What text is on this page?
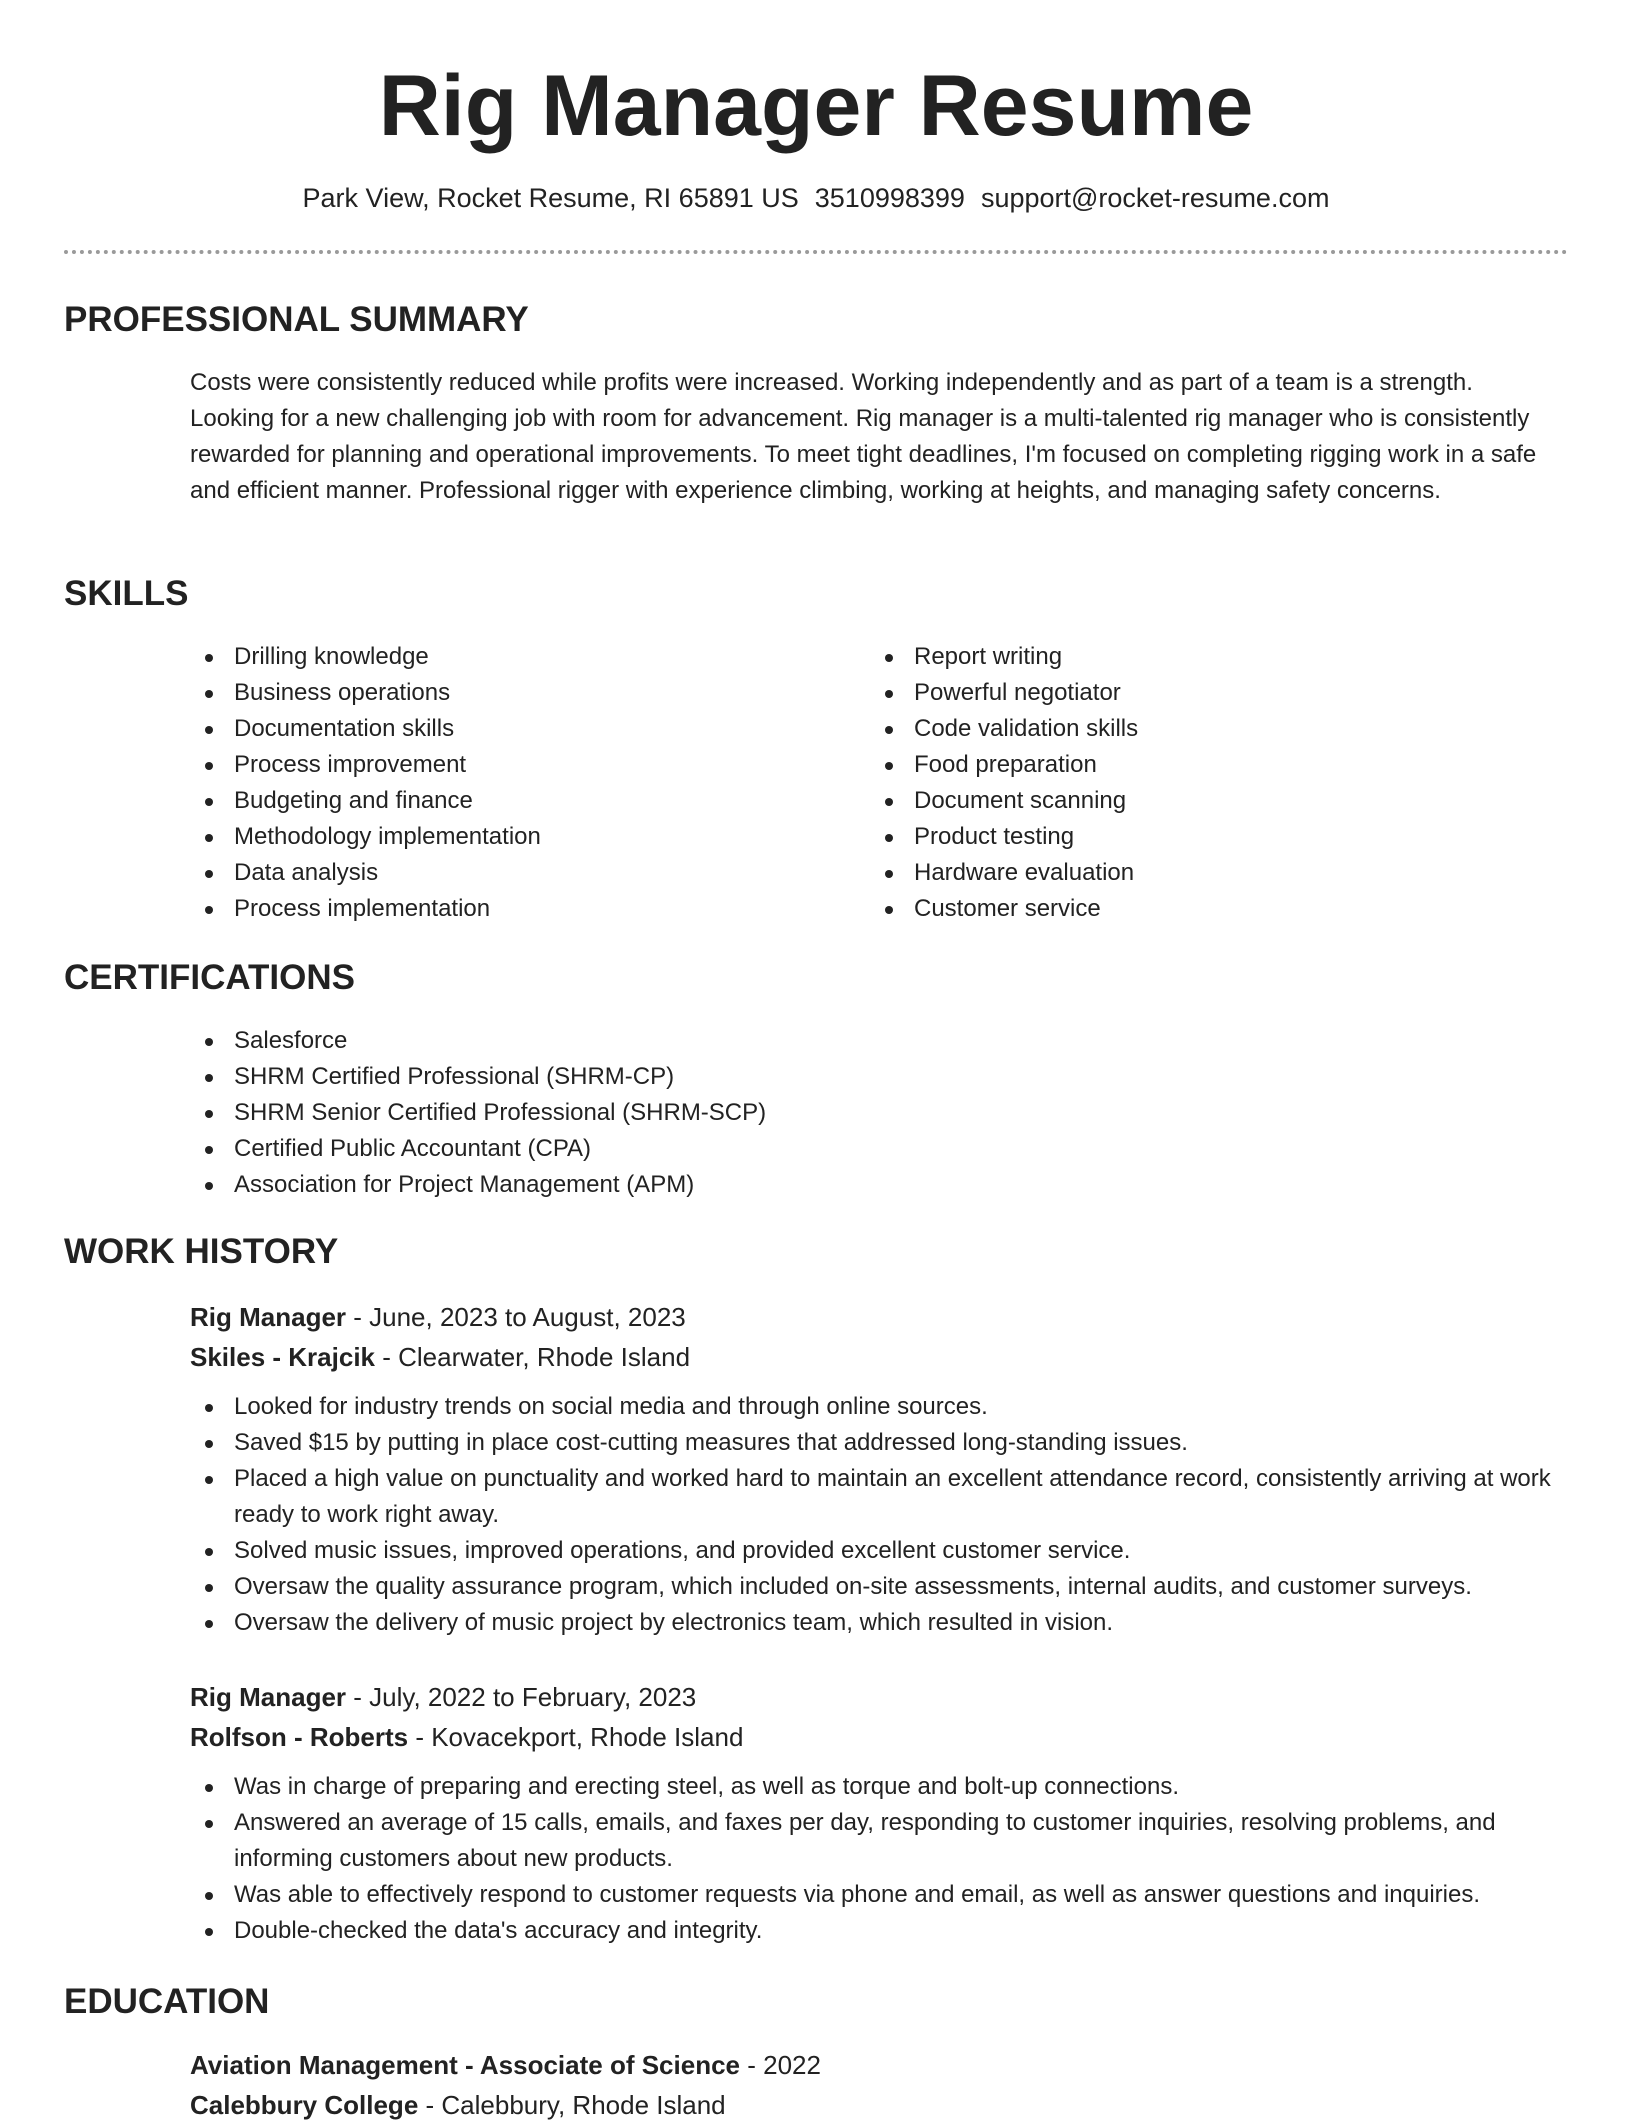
Rig Manager Resume
Park View, Rocket Resume, RI 65891 US 3510998399 support@rocket-resume.com
PROFESSIONAL SUMMARY

Costs were consistently reduced while profits were increased. Working independently and as part of a team is a strength. Looking for a new challenging job with room for advancement. Rig manager is a multi-talented rig manager who is consistently rewarded for planning and operational improvements. To meet tight deadlines, I'm focused on completing rigging work in a safe and efficient manner. Professional rigger with experience climbing, working at heights, and managing safety concerns.

SKILLS
Drilling knowledge
Business operations
Documentation skills
Process improvement
Budgeting and finance
Methodology implementation
Data analysis
Process implementation
Report writing
Powerful negotiator
Code validation skills
Food preparation
Document scanning
Product testing
Hardware evaluation
Customer service
CERTIFICATIONS
Salesforce
SHRM Certified Professional (SHRM-CP)
SHRM Senior Certified Professional (SHRM-SCP)
Certified Public Accountant (CPA)
Association for Project Management (APM)
WORK HISTORY
Rig Manager - June, 2023 to August, 2023
Skiles - Krajcik - Clearwater, Rhode Island
Looked for industry trends on social media and through online sources.
Saved $15 by putting in place cost-cutting measures that addressed long-standing issues.
Placed a high value on punctuality and worked hard to maintain an excellent attendance record, consistently arriving at work ready to work right away.
Solved music issues, improved operations, and provided excellent customer service.
Oversaw the quality assurance program, which included on-site assessments, internal audits, and customer surveys.
Oversaw the delivery of music project by electronics team, which resulted in vision.
Rig Manager - July, 2022 to February, 2023
Rolfson - Roberts - Kovacekport, Rhode Island
Was in charge of preparing and erecting steel, as well as torque and bolt-up connections.
Answered an average of 15 calls, emails, and faxes per day, responding to customer inquiries, resolving problems, and informing customers about new products.
Was able to effectively respond to customer requests via phone and email, as well as answer questions and inquiries.
Double-checked the data's accuracy and integrity.
EDUCATION
Aviation Management - Associate of Science - 2022
Calebbury College - Calebbury, Rhode Island
